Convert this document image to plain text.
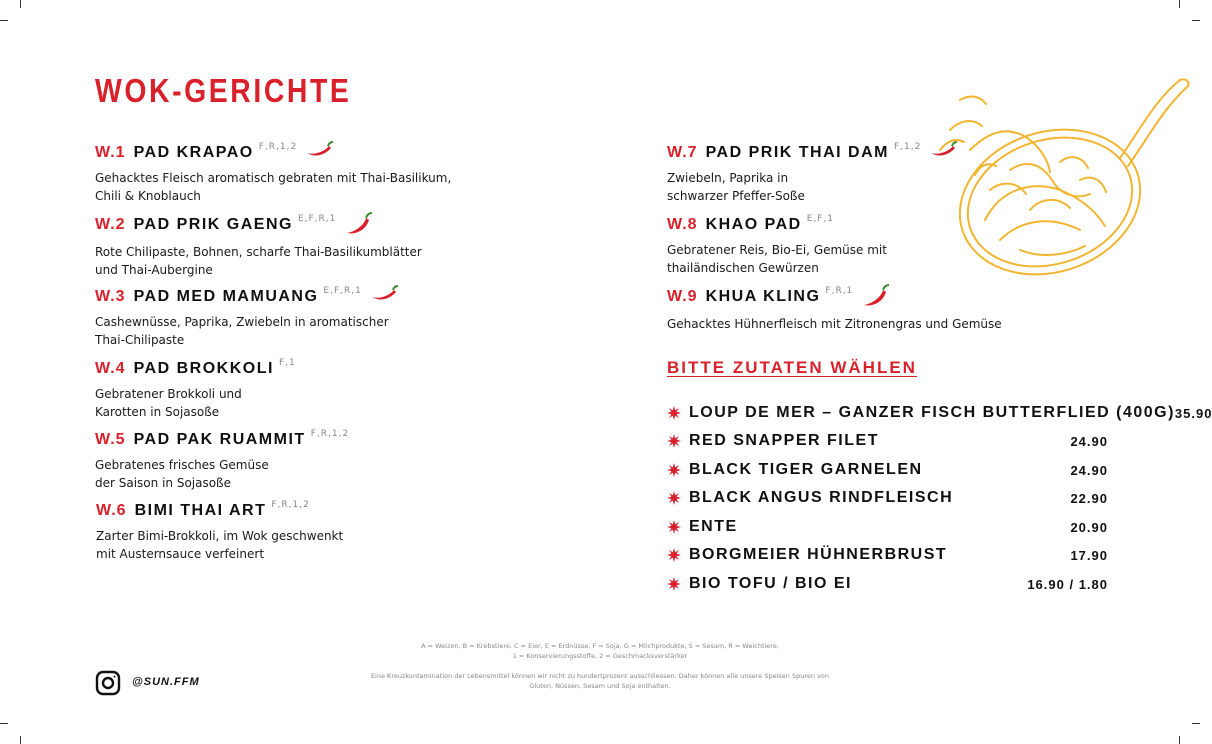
WOK-GERICHTE
W.1 PAD KRAPAO F,R,1,2
Gehacktes Fleisch aromatisch gebraten mit Thai-Basilikum,
Chili & Knoblauch
W.2 PAD PRIK GAENG E,F,R,1
Rote Chilipaste, Bohnen, scharfe Thai-Basilikumblätter
und Thai-Aubergine
W.3 PAD MED MAMUANG E,F,R,1
Cashewnüsse, Paprika, Zwiebeln in aromatischer
Thai-Chilipaste
W.4 PAD BROKKOLI F,1
Gebratener Brokkoli und
Karotten in Sojasoße
W.5 PAD PAK RUAMMIT F,R,1,2
Gebratenes frisches Gemüse
der Saison in Sojasoße
W.6 BIMI THAI ART F,R,1,2
Zarter Bimi-Brokkoli, im Wok geschwenkt
mit Austernsauce verfeinert
W.7 PAD PRIK THAI DAM F,1,2
Zwiebeln, Paprika in
schwarzer Pfeffer-Soße
W.8 KHAO PAD E,F,1
Gebratener Reis, Bio-Ei, Gemüse mit
thailändischen Gewürzen
W.9 KHUA KLING F,R,1
Gehacktes Hühnerfleisch mit Zitronengras und Gemüse
BITTE ZUTATEN WÄHLEN
LOUP DE MER – GANZER FISCH BUTTERFLIED (400G) 35.90
RED SNAPPER FILET	24.90
BLACK TIGER GARNELEN	24.90
BLACK ANGUS RINDFLEISCH	22.90
ENTE	20.90
BORGMEIER HÜHNERBRUST	17.90
BIO TOFU / BIO EI	16.90 / 1.80
A = Weizen, B = Krebstiere, C = Eier, E = Erdnüsse, F = Soja, G = Milchprodukte, S = Sesam, R = Weichtiere,
1 = Konservierungsstoffe, 2 = Geschmacksverstärker
Eine Kreuzkontamination der Lebensmittel können wir nicht zu hundertprozent ausschliessen. Daher können alle unsere Speisen Spuren von
Gluten, Nüssen, Sesam und Soja enthalten.
@SUN.FFM
